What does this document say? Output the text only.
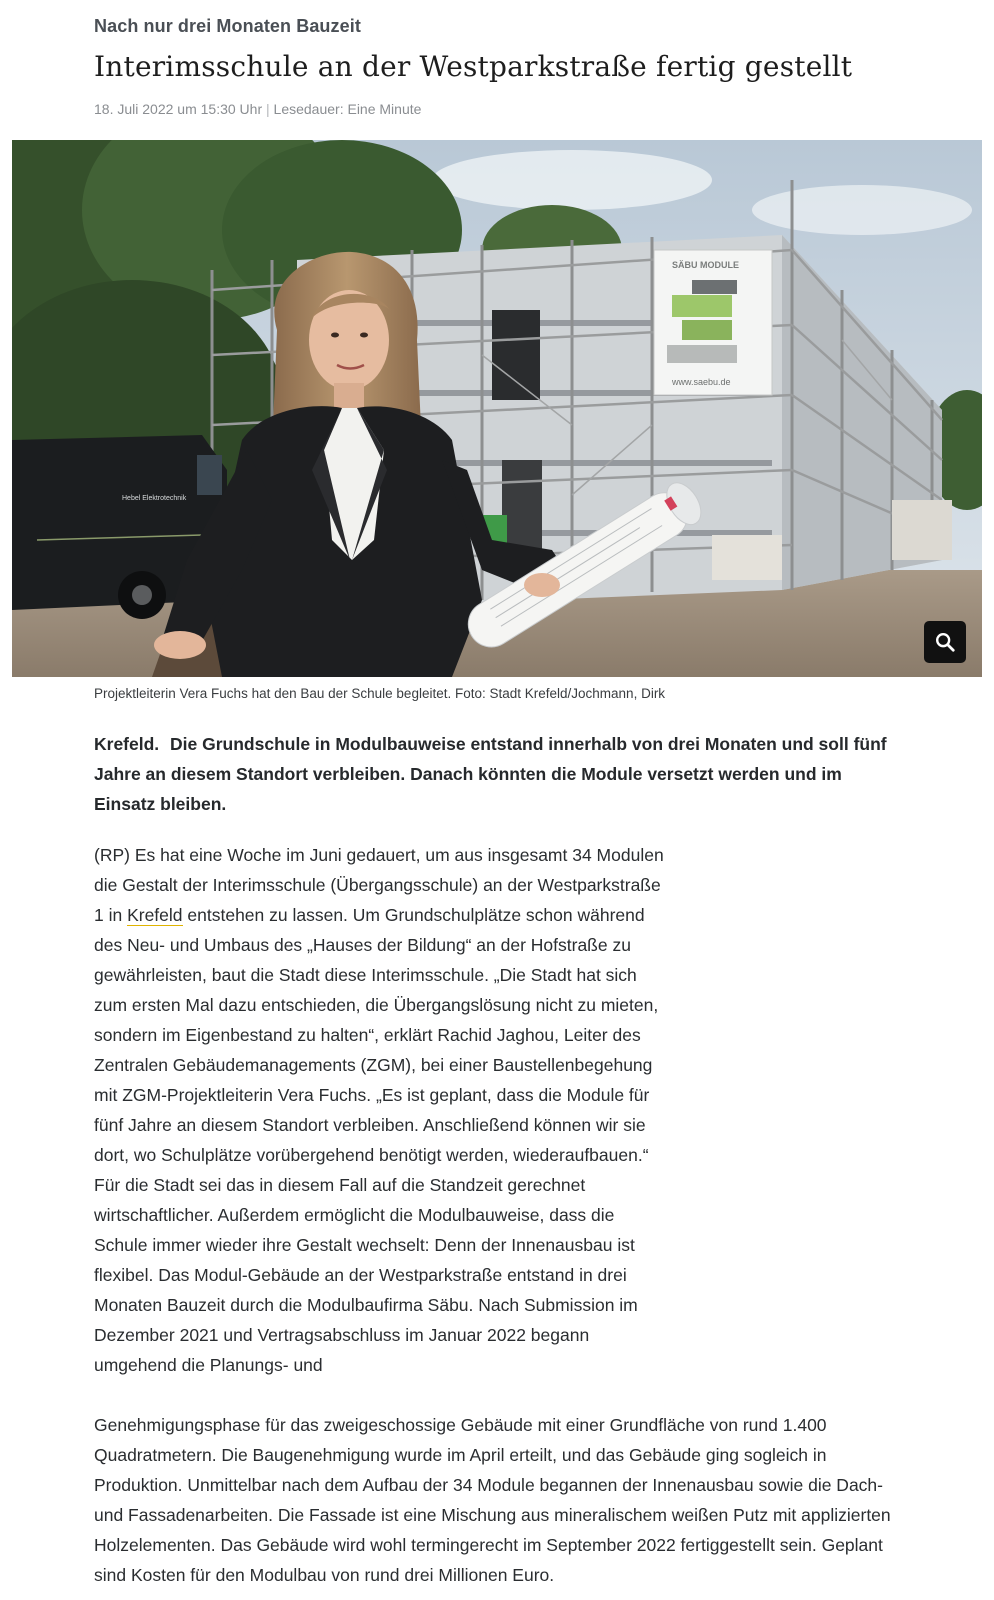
Nach nur drei Monaten Bauzeit
Interimsschule an der Westparkstraße fertig gestellt
18. Juli 2022 um 15:30 Uhr | Lesedauer: Eine Minute
SÄBU MODULE
www.saebu.de
Hebel Elektrotechnik
Projektleiterin Vera Fuchs hat den Bau der Schule begleitet. Foto: Stadt Krefeld/Jochmann, Dirk

Krefeld. Die Grundschule in Modulbauweise entstand innerhalb von drei Monaten und soll fünf Jahre an diesem Standort verbleiben. Danach könnten die Module versetzt werden und im Einsatz bleiben.

(RP) Es hat eine Woche im Juni gedauert, um aus insgesamt 34 Modulen die Gestalt der Interimsschule (Übergangsschule) an der Westparkstraße 1 in Krefeld entstehen zu lassen. Um Grundschulplätze schon während des Neu- und Umbaus des „Hauses der Bildung“ an der Hofstraße zu gewährleisten, baut die Stadt diese Interimsschule. „Die Stadt hat sich zum ersten Mal dazu entschieden, die Übergangslösung nicht zu mieten, sondern im Eigenbestand zu halten“, erklärt Rachid Jaghou, Leiter des Zentralen Gebäudemanagements (ZGM), bei einer Baustellenbegehung mit ZGM-Projektleiterin Vera Fuchs. „Es ist geplant, dass die Module für fünf Jahre an diesem Standort verbleiben. Anschließend können wir sie dort, wo Schulplätze vorübergehend benötigt werden, wiederaufbauen.“ Für die Stadt sei das in diesem Fall auf die Standzeit gerechnet wirtschaftlicher. Außerdem ermöglicht die Modulbauweise, dass die Schule immer wieder ihre Gestalt wechselt: Denn der Innenausbau ist flexibel. Das Modul-Gebäude an der Westparkstraße entstand in drei Monaten Bauzeit durch die Modulbaufirma Säbu. Nach Submission im Dezember 2021 und Vertragsabschluss im Januar 2022 begann umgehend die Planungs- und

Genehmigungsphase für das zweigeschossige Gebäude mit einer Grundfläche von rund 1.400 Quadratmetern. Die Baugenehmigung wurde im April erteilt, und das Gebäude ging sogleich in Produktion. Unmittelbar nach dem Aufbau der 34 Module begannen der Innenausbau sowie die Dach- und Fassadenarbeiten. Die Fassade ist eine Mischung aus mineralischem weißen Putz mit applizierten Holzelementen. Das Gebäude wird wohl termingerecht im September 2022 fertiggestellt sein. Geplant sind Kosten für den Modulbau von rund drei Millionen Euro.
